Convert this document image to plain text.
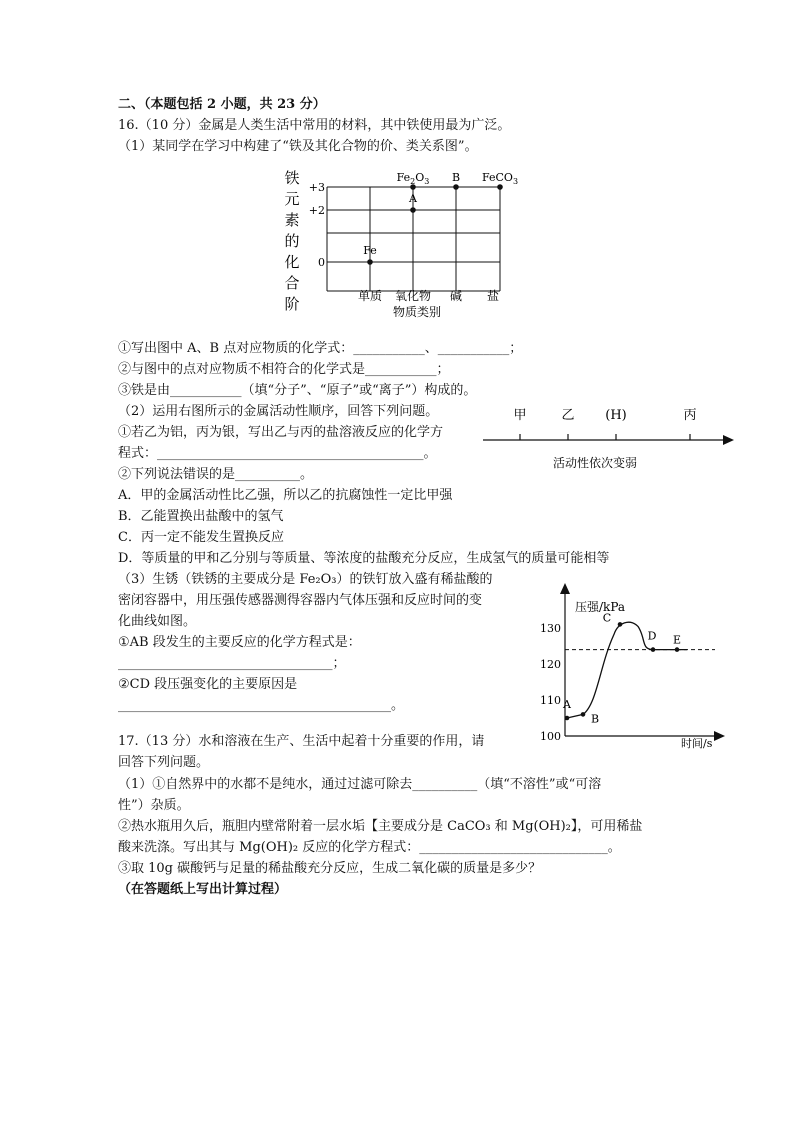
二、（本题包括 2 小题，共 23 分）
16.（10 分）金属是人类生活中常用的材料，其中铁使用最为广泛。
（1）某同学在学习中构建了“铁及其化合物的价、类关系图”。
铁
元
素
的
化
合
阶
+3
+2
0
单质 氧化物 碱 盐
Fe
A
$Fe_2O_3$ B FeCO$_3$
物质类别
①写出图中 A、B 点对应物质的化学式：___________、___________；
②与图中的点对应物质不相符合的化学式是___________；
③铁是由___________（填“分子”、“原子”或“离子”）构成的。
（2）运用右图所示的金属活动性顺序，回答下列问题。
①若乙为铝，丙为银，写出乙与丙的盐溶液反应的化学方
程式：_________________________________________。
甲	乙 (H)	丙
活动性依次变弱
②下列说法错误的是__________。
A．甲的金属活动性比乙强，所以乙的抗腐蚀性一定比甲强
B．乙能置换出盐酸中的氢气
C．丙一定不能发生置换反应
D．等质量的甲和乙分别与等质量、等浓度的盐酸充分反应，生成氢气的质量可能相等
（3）生锈（铁锈的主要成分是 Fe₂O₃）的铁钉放入盛有稀盐酸的
密闭容器中，用压强传感器测得容器内气体压强和反应时间的变
化曲线如图。
①AB 段发生的主要反应的化学方程式是：
_________________________________；
②CD 段压强变化的主要原因是
__________________________________________。
压强/kPa
时间/s
100
110
120
130
A
B
C
D E
17.（13 分）水和溶液在生产、生活中起着十分重要的作用，请
回答下列问题。
（1）①自然界中的水都不是纯水，通过过滤可除去__________（填“不溶性”或“可溶
性”）杂质。
②热水瓶用久后，瓶胆内壁常附着一层水垢【主要成分是 CaCO₃ 和 Mg(OH)₂】，可用稀盐
酸来洗涤。写出其与 Mg(OH)₂ 反应的化学方程式：_____________________________。
③取 10g 碳酸钙与足量的稀盐酸充分反应，生成二氧化碳的质量是多少？
（在答题纸上写出计算过程）
